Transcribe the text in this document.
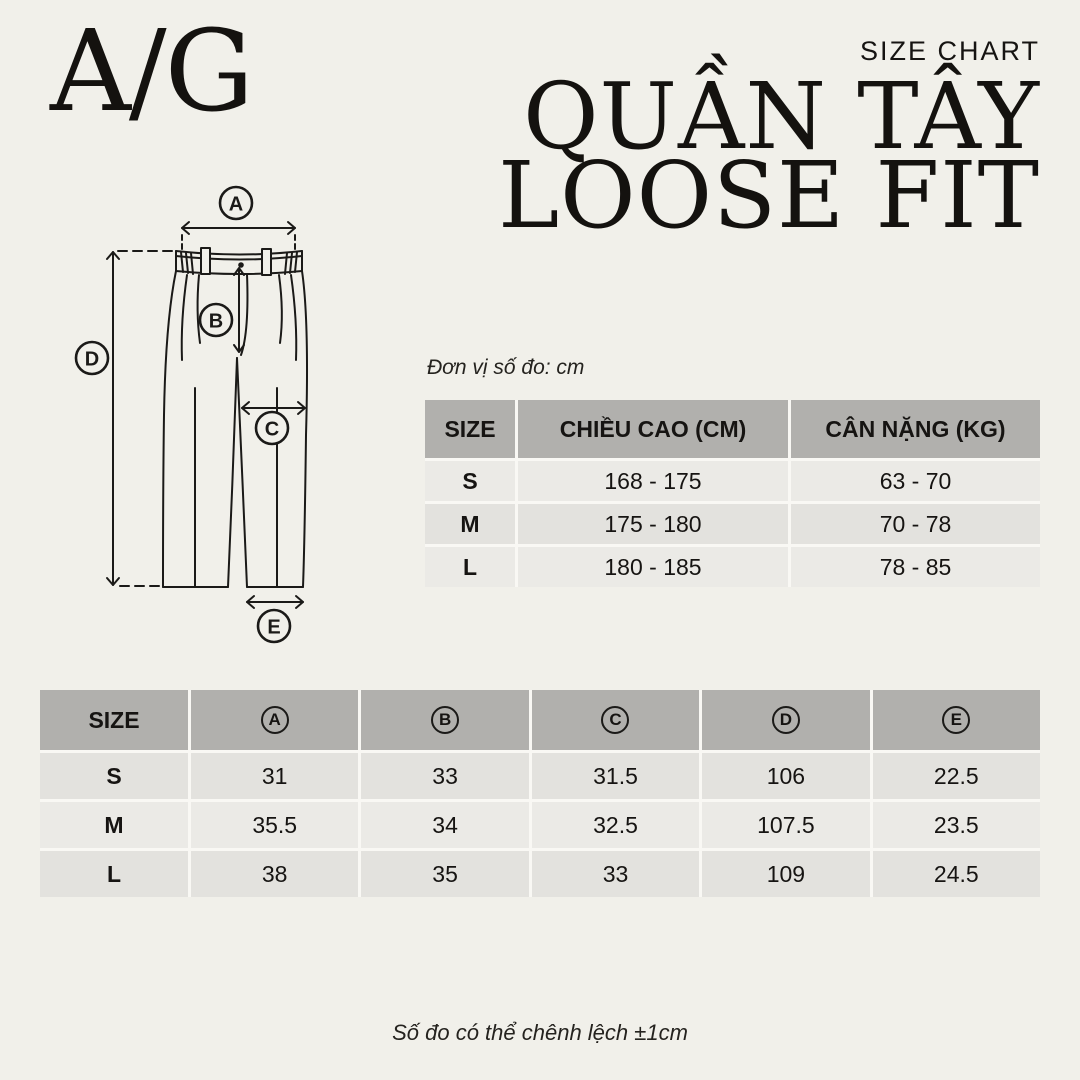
A/G	SIZE CHART
QUẦN TÂY
LOOSE FIT
A
D
B
C
E
Đơn vị số đo: cm
SIZE	CHIỀU CAO (CM)	CÂN NẶNG (KG)
S	168 - 175	63 - 70
M	175 - 180	70 - 78
L	180 - 185	78 - 85
SIZE	A	B	C	D	E
S	31	33	31.5	106	22.5
M	35.5	34	32.5	107.5	23.5
L	38	35	33	109	24.5
Số đo có thể chênh lệch ±1cm
